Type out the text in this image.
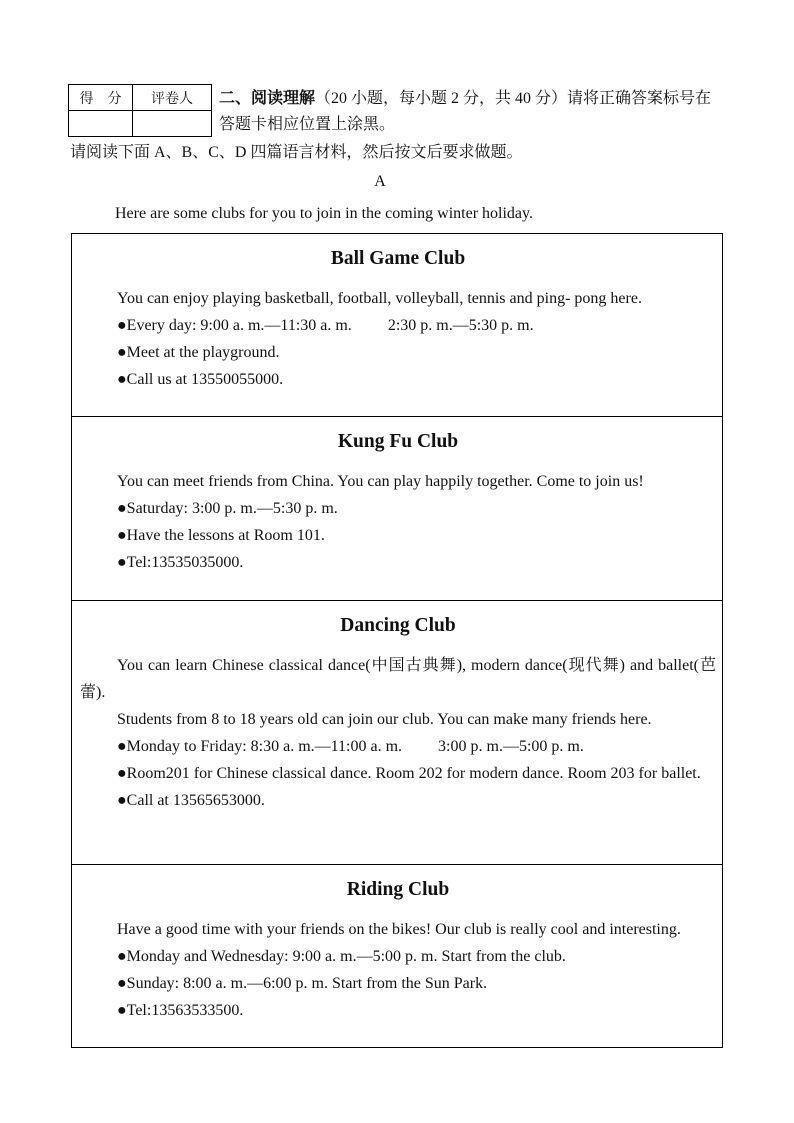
得　分	评卷人
	二、阅读理解（20 小题，每小题 2 分，共 40 分）请将正确答案标号在答题卡相应位置上涂黑。
请阅读下面 A、B、C、D 四篇语言材料，然后按文后要求做题。
A
Here are some clubs for you to join in the coming winter holiday.
Ball Game Club

You can enjoy playing basketball, football, volleyball, tennis and ping- pong here.

●Every day: 9:00 a. m.—11:30 a. m. 2:30 p. m.—5:30 p. m.

●Meet at the playground.

●Call us at 13550055000.

Kung Fu Club

You can meet friends from China. You can play happily together. Come to join us!

●Saturday: 3:00 p. m.—5:30 p. m.

●Have the lessons at Room 101.

●Tel:13535035000.

Dancing Club

You can learn Chinese classical dance(中国古典舞), modern dance(现代舞) and ballet(芭蕾).

Students from 8 to 18 years old can join our club. You can make many friends here.

●Monday to Friday: 8:30 a. m.—11:00 a. m. 3:00 p. m.—5:00 p. m.

●Room201 for Chinese classical dance. Room 202 for modern dance. Room 203 for ballet.

●Call at 13565653000.

Riding Club

Have a good time with your friends on the bikes! Our club is really cool and interesting.

●Monday and Wednesday: 9:00 a. m.—5:00 p. m. Start from the club.

●Sunday: 8:00 a. m.—6:00 p. m. Start from the Sun Park.

●Tel:13563533500.
